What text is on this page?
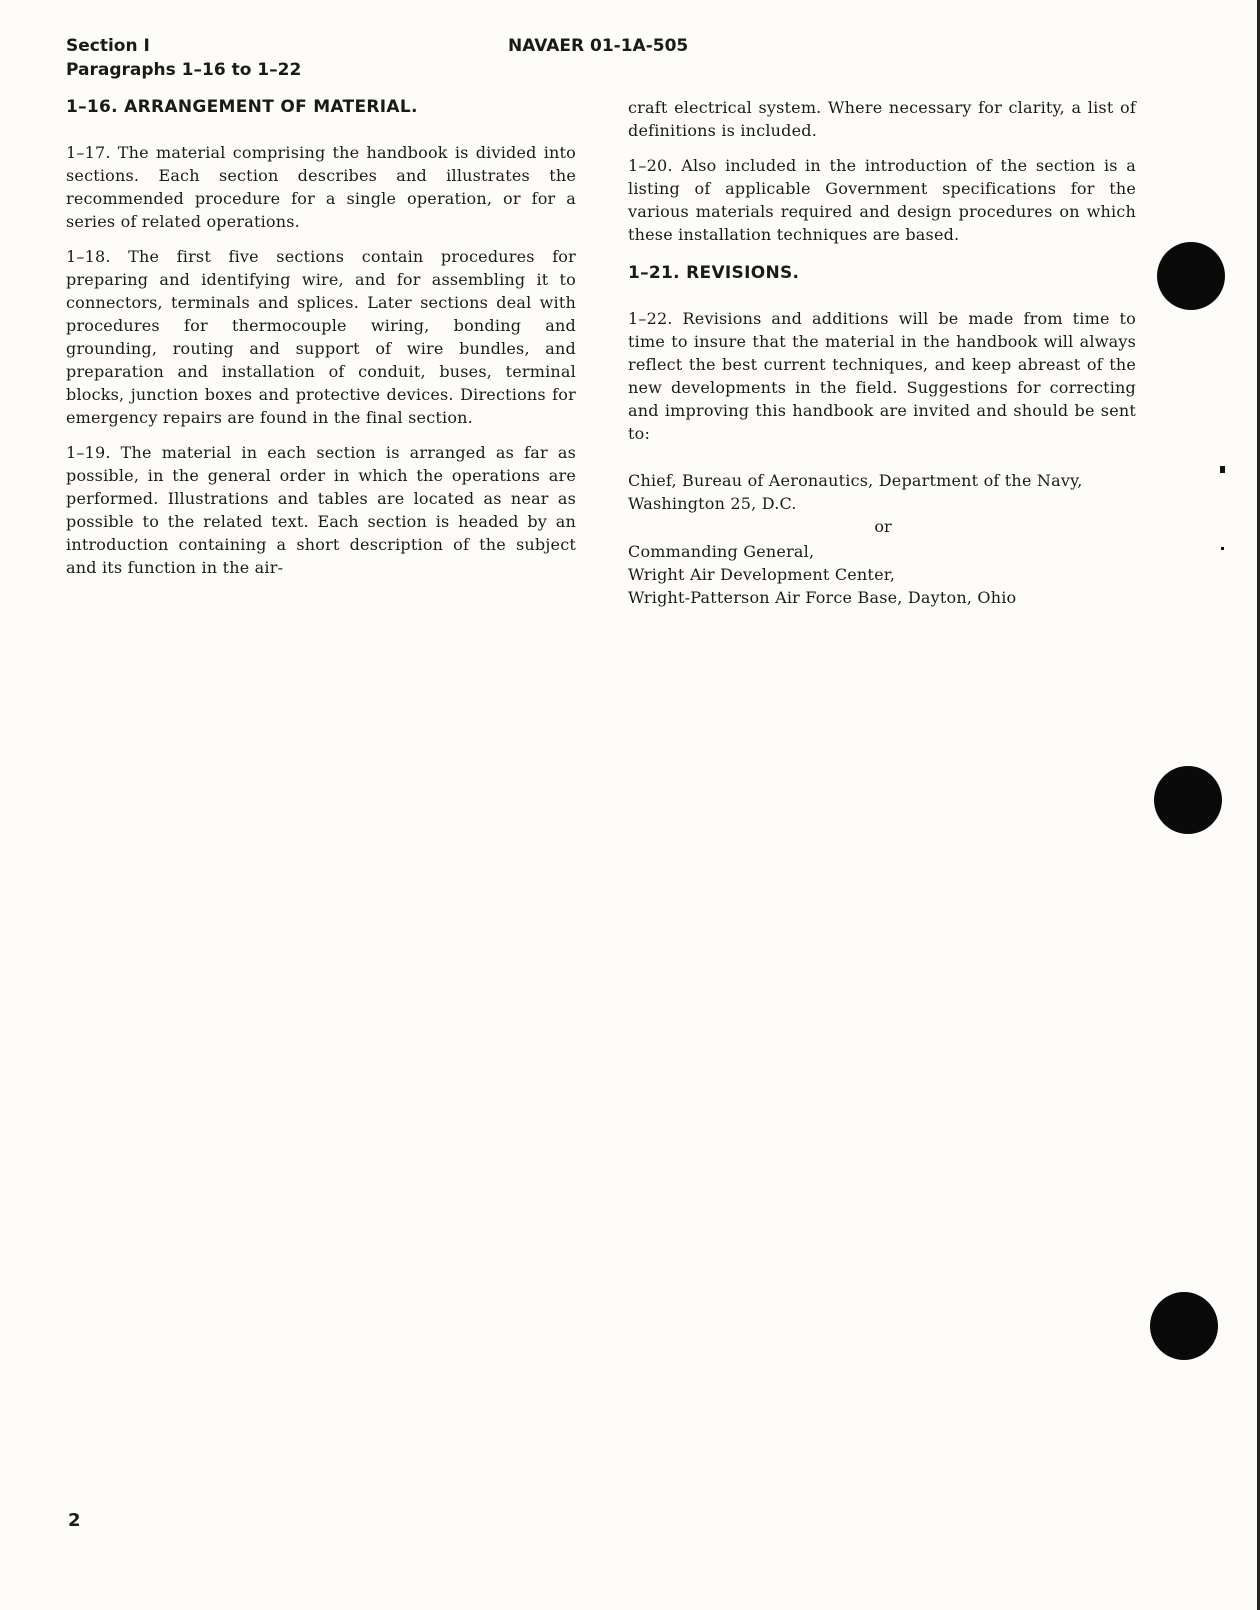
Section I
Paragraphs 1–16 to 1–22
NAVAER 01-1A-505
1–16. ARRANGEMENT OF MATERIAL.

1–17. The material comprising the handbook is divided into sections. Each section describes and illustrates the recommended procedure for a single operation, or for a series of related operations.

1–18. The first five sections contain procedures for preparing and identifying wire, and for assembling it to connectors, terminals and splices. Later sections deal with procedures for thermocouple wiring, bonding and grounding, routing and support of wire bundles, and preparation and installation of conduit, buses, terminal blocks, junction boxes and protective devices. Directions for emergency repairs are found in the final section.

1–19. The material in each section is arranged as far as possible, in the general order in which the operations are performed. Illustrations and tables are located as near as possible to the related text. Each section is headed by an introduction containing a short description of the subject and its function in the air-

craft electrical system. Where necessary for clarity, a list of definitions is included.

1–20. Also included in the introduction of the section is a listing of applicable Government specifications for the various materials required and design procedures on which these installation techniques are based.

1–21. REVISIONS.

1–22. Revisions and additions will be made from time to time to insure that the material in the handbook will always reflect the best current techniques, and keep abreast of the new developments in the field. Suggestions for correcting and improving this handbook are invited and should be sent to:

Chief, Bureau of Aeronautics, Department of the Navy,
Washington 25, D.C.
or
Commanding General,
Wright Air Development Center,
Wright-Patterson Air Force Base, Dayton, Ohio
2
